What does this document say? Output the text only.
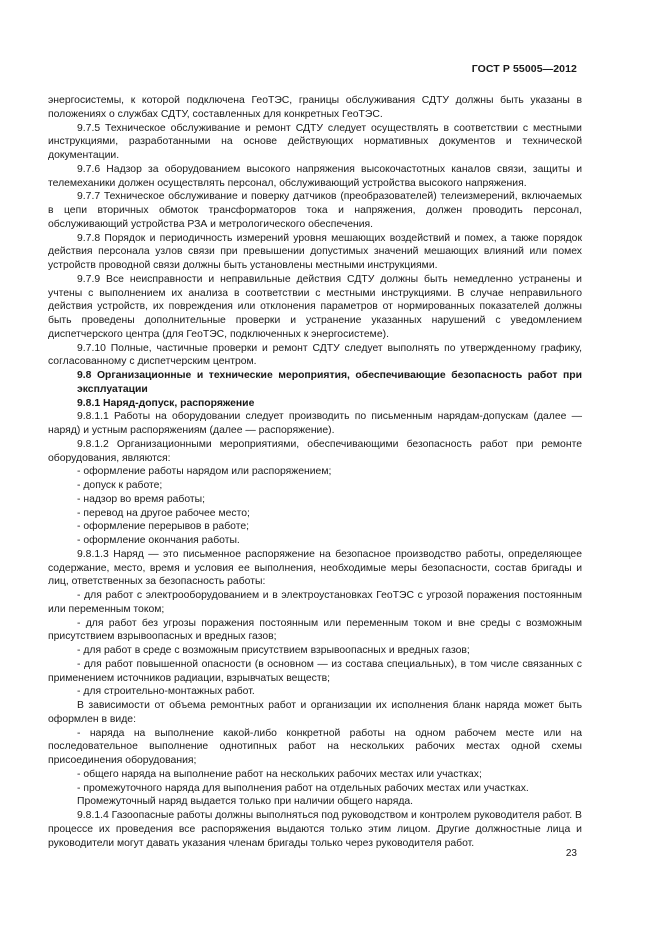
ГОСТ Р 55005—2012

энергосистемы, к которой подключена ГеоТЭС, границы обслуживания СДТУ должны быть указаны в положениях о службах СДТУ, составленных для конкретных ГеоТЭС.

9.7.5 Техническое обслуживание и ремонт СДТУ следует осуществлять в соответствии с местными инструкциями, разработанными на основе действующих нормативных документов и технической документации.

9.7.6 Надзор за оборудованием высокого напряжения высокочастотных каналов связи, защиты и телемеханики должен осуществлять персонал, обслуживающий устройства высокого напряжения.

9.7.7 Техническое обслуживание и поверку датчиков (преобразователей) телеизмерений, включаемых в цепи вторичных обмоток трансформаторов тока и напряжения, должен проводить персонал, обслуживающий устройства РЗА и метрологического обеспечения.

9.7.8 Порядок и периодичность измерений уровня мешающих воздействий и помех, а также порядок действия персонала узлов связи при превышении допустимых значений мешающих влияний или помех устройств проводной связи должны быть установлены местными инструкциями.

9.7.9 Все неисправности и неправильные действия СДТУ должны быть немедленно устранены и учтены с выполнением их анализа в соответствии с местными инструкциями. В случае неправильного действия устройств, их повреждения или отклонения параметров от нормированных показателей должны быть проведены дополнительные проверки и устранение указанных нарушений с уведомлением диспетчерского центра (для ГеоТЭС, подключенных к энергосистеме).

9.7.10 Полные, частичные проверки и ремонт СДТУ следует выполнять по утвержденному графику, согласованному с диспетчерским центром.

9.8 Организационные и технические мероприятия, обеспечивающие безопасность работ при эксплуатации

9.8.1 Наряд-допуск, распоряжение

9.8.1.1 Работы на оборудовании следует производить по письменным нарядам-допускам (далее — наряд) и устным распоряжениям (далее — распоряжение).

9.8.1.2 Организационными мероприятиями, обеспечивающими безопасность работ при ремонте оборудования, являются:

- оформление работы нарядом или распоряжением;

- допуск к работе;

- надзор во время работы;

- перевод на другое рабочее место;

- оформление перерывов в работе;

- оформление окончания работы.

9.8.1.3 Наряд — это письменное распоряжение на безопасное производство работы, определяющее содержание, место, время и условия ее выполнения, необходимые меры безопасности, состав бригады и лиц, ответственных за безопасность работы:

- для работ с электрооборудованием и в электроустановках ГеоТЭС с угрозой поражения постоянным или переменным током;

- для работ без угрозы поражения постоянным или переменным током и вне среды с возможным присутствием взрывоопасных и вредных газов;

- для работ в среде с возможным присутствием взрывоопасных и вредных газов;

- для работ повышенной опасности (в основном — из состава специальных), в том числе связанных с применением источников радиации, взрывчатых веществ;

- для строительно-монтажных работ.

В зависимости от объема ремонтных работ и организации их исполнения бланк наряда может быть оформлен в виде:

- наряда на выполнение какой-либо конкретной работы на одном рабочем месте или на последовательное выполнение однотипных работ на нескольких рабочих местах одной схемы присоединения оборудования;

- общего наряда на выполнение работ на нескольких рабочих местах или участках;

- промежуточного наряда для выполнения работ на отдельных рабочих местах или участках.

Промежуточный наряд выдается только при наличии общего наряда.

9.8.1.4 Газоопасные работы должны выполняться под руководством и контролем руководителя работ. В процессе их проведения все распоряжения выдаются только этим лицом. Другие должностные лица и руководители могут давать указания членам бригады только через руководителя работ.

23
